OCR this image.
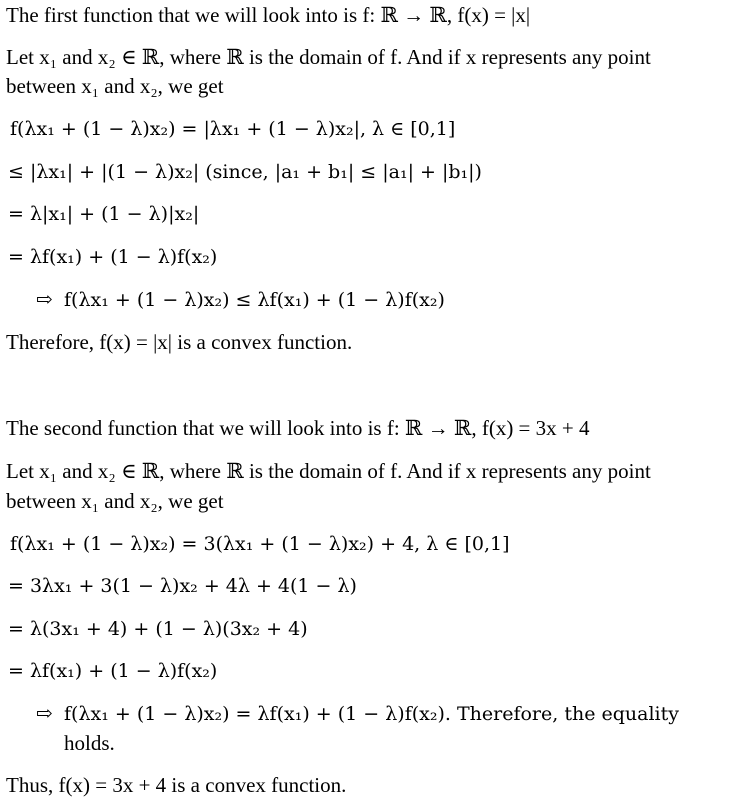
The first function that we will look into is f: ℝ → ℝ, f(x) = |x|
Let x₁ and x₂ ∈ ℝ, where ℝ is the domain of f. And if x represents any point
between x₁ and x₂, we get
f(λx₁ + (1 − λ)x₂) = |λx₁ + (1 − λ)x₂|, λ ∈ [0,1]
≤ |λx₁| + |(1 − λ)x₂| (since, |a₁ + b₁| ≤ |a₁| + |b₁|)
= λ|x₁| + (1 − λ)|x₂|
= λf(x₁) + (1 − λ)f(x₂)
⇨ f(λx₁ + (1 − λ)x₂) ≤ λf(x₁) + (1 − λ)f(x₂)
Therefore, f(x) = |x| is a convex function.
The second function that we will look into is f: ℝ → ℝ, f(x) = 3x + 4
Let x₁ and x₂ ∈ ℝ, where ℝ is the domain of f. And if x represents any point
between x₁ and x₂, we get
f(λx₁ + (1 − λ)x₂) = 3(λx₁ + (1 − λ)x₂) + 4, λ ∈ [0,1]
= 3λx₁ + 3(1 − λ)x₂ + 4λ + 4(1 − λ)
= λ(3x₁ + 4) + (1 − λ)(3x₂ + 4)
= λf(x₁) + (1 − λ)f(x₂)
⇨ f(λx₁ + (1 − λ)x₂) = λf(x₁) + (1 − λ)f(x₂). Therefore, the equality
holds.
Thus, f(x) = 3x + 4 is a convex function.
